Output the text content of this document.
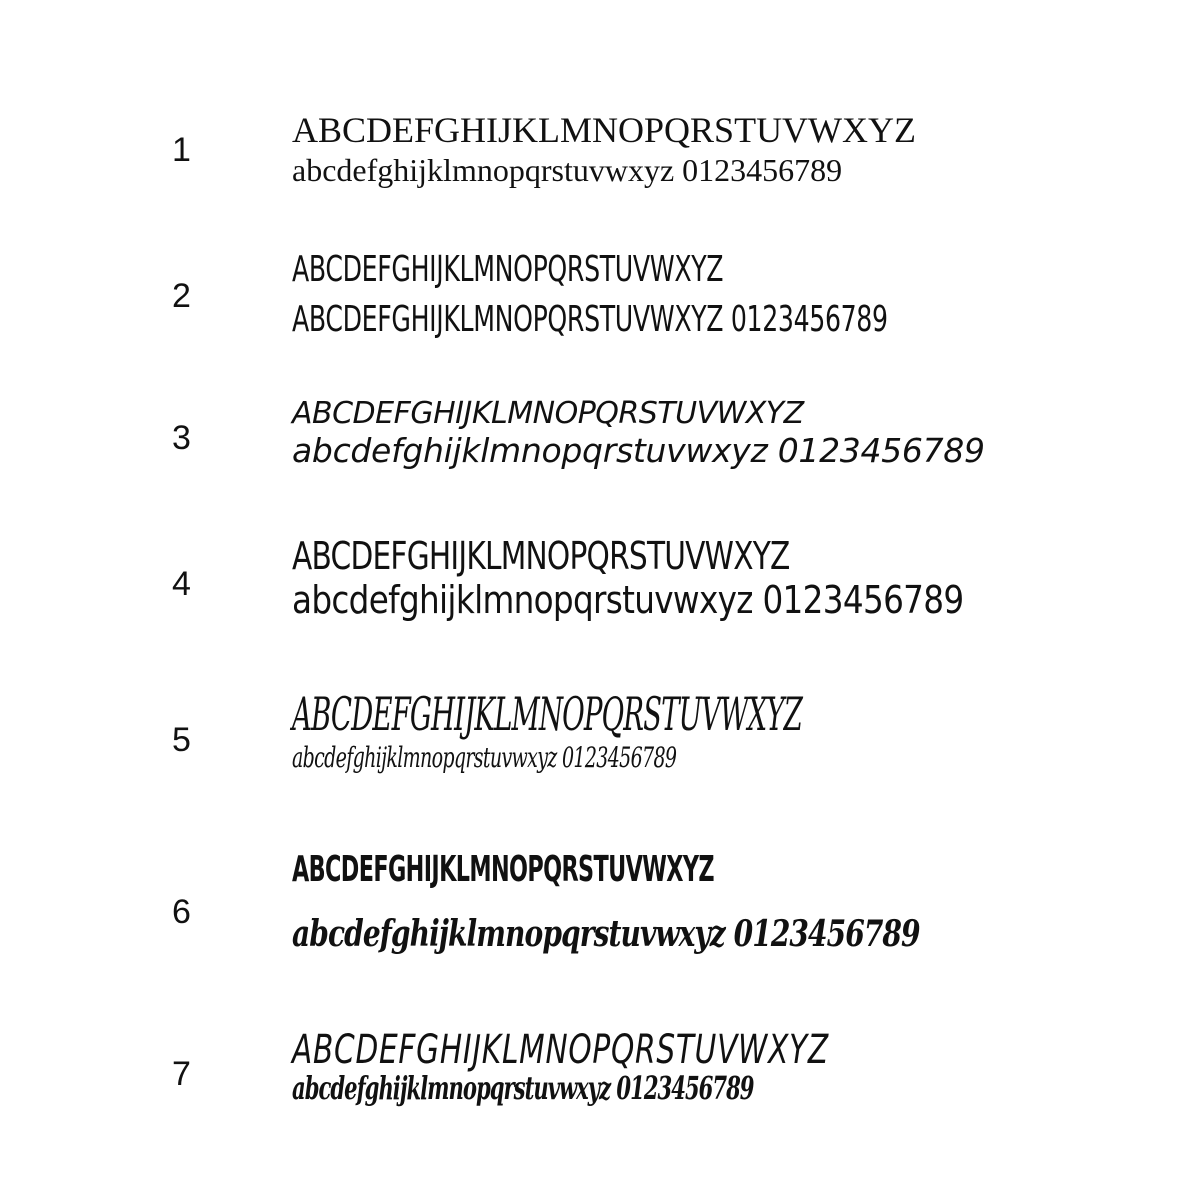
1	ABCDEFGHIJKLMNOPQRSTUVWXYZ
abcdefghijklmnopqrstuvwxyz 0123456789
2
ABCDEFGHIJKLMNOPQRSTUVWXYZ
ABCDEFGHIJKLMNOPQRSTUVWXYZ 0123456789
3
ABCDEFGHIJKLMNOPQRSTUVWXYZ
abcdefghijklmnopqrstuvwxyz 0123456789
4
ABCDEFGHIJKLMNOPQRSTUVWXYZ
abcdefghijklmnopqrstuvwxyz 0123456789
5	ABCDEFGHIJKLMNOPQRSTUVWXYZ
abcdefghijklmnopqrstuvwxyz 0123456789
6
ABCDEFGHIJKLMNOPQRSTUVWXYZ
abcdefghijklmnopqrstuvwxyz 0123456789
7
ABCDEFGHIJKLMNOPQRSTUVWXYZ
abcdefghijklmnopqrstuvwxyz 0123456789
